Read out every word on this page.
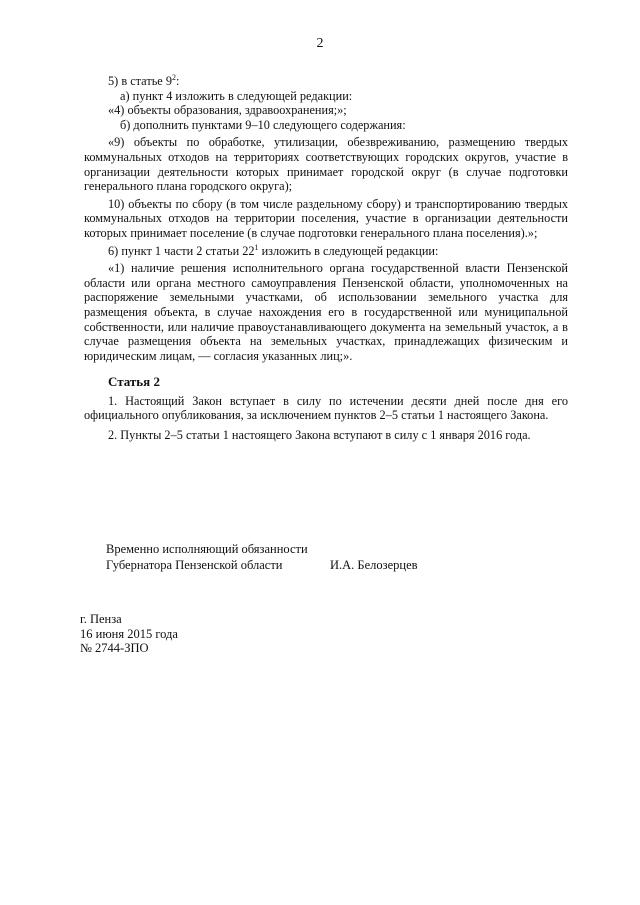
2

5) в статье $9^2$:

а) пункт 4 изложить в следующей редакции:

«4) объекты образования, здравоохранения;»;

б) дополнить пунктами 9–10 следующего содержания:

«9) объекты по обработке, утилизации, обезвреживанию, размещению твердых коммунальных отходов на территориях соответствующих городских округов, участие в организации деятельности которых принимает городской округ (в случае подготовки генерального плана городского округа);

10) объекты по сбору (в том числе раздельному сбору) и транспортированию твердых коммунальных отходов на территории поселения, участие в организации деятельности которых принимает поселение (в случае подготовки генерального плана поселения).»;

6) пункт 1 части 2 статьи $22^1$ изложить в следующей редакции:

«1) наличие решения исполнительного органа государственной власти Пензенской области или органа местного самоуправления Пензенской области, уполномоченных на распоряжение земельными участками, об использовании земельного участка для размещения объекта, в случае нахождения его в государственной или муниципальной собственности, или наличие правоустанавливающего документа на земельный участок, а в случае размещения объекта на земельных участках, принадлежащих физическим и юридическим лицам, — согласия указанных лиц;».

Статья 2

1. Настоящий Закон вступает в силу по истечении десяти дней после дня его официального опубликования, за исключением пунктов 2–5 статьи 1 настоящего Закона.

2. Пункты 2–5 статьи 1 настоящего Закона вступают в силу с 1 января 2016 года.

Временно исполняющий обязанности
Губернатора Пензенской области	И.А. Белозерцев
г. Пенза
16 июня 2015 года
№ 2744-ЗПО
